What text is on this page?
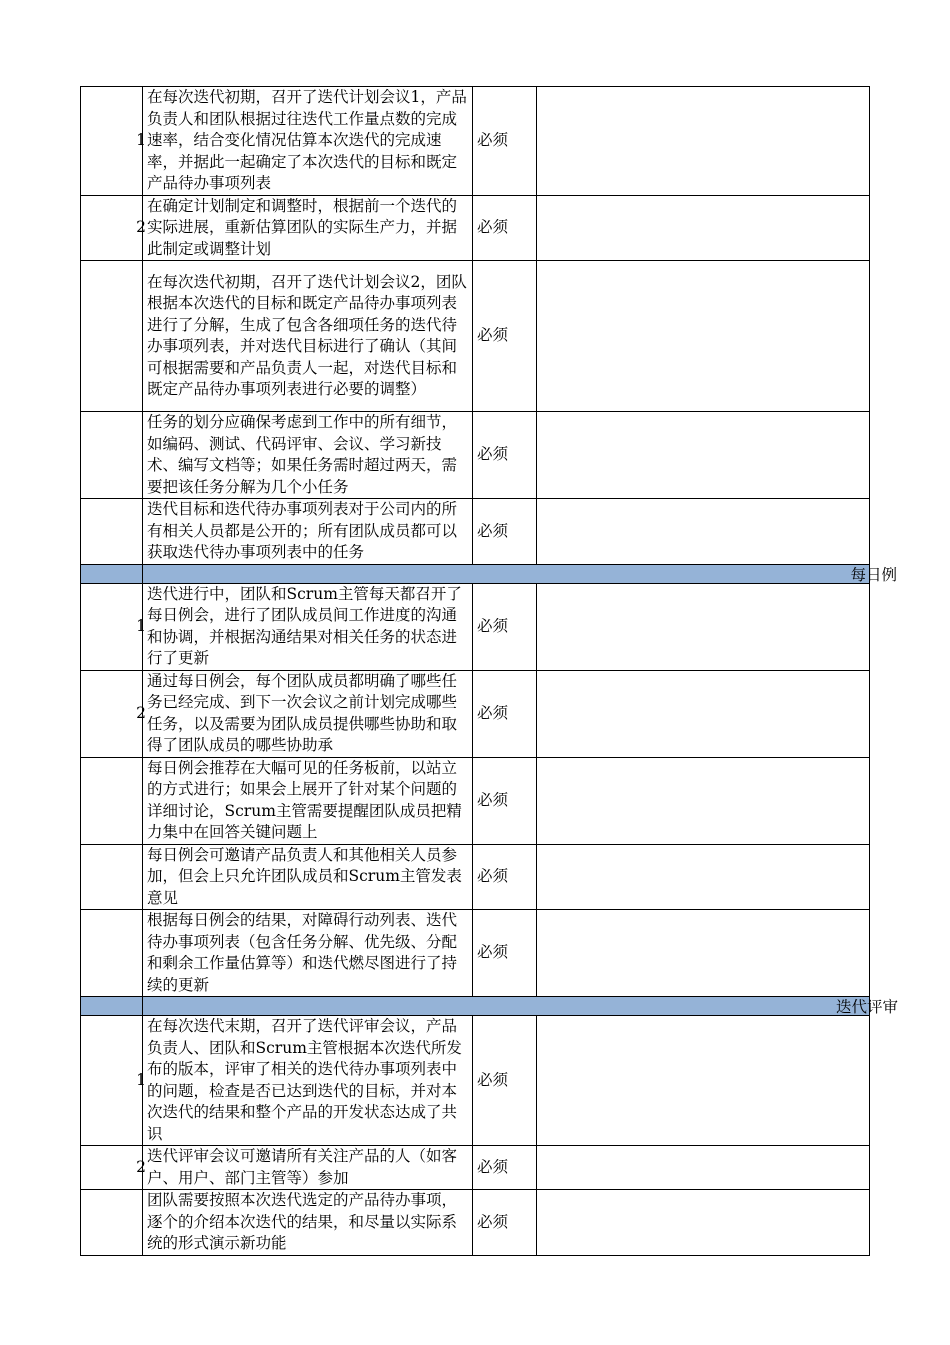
1	在每次迭代初期，召开了迭代计划会议1，产品负责人和团队根据过往迭代工作量点数的完成速率，结合变化情况估算本次迭代的完成速率，并据此一起确定了本次迭代的目标和既定产品待办事项列表	必须	
2	在确定计划制定和调整时，根据前一个迭代的实际进展，重新估算团队的实际生产力，并据此制定或调整计划	必须	
	在每次迭代初期，召开了迭代计划会议2，团队根据本次迭代的目标和既定产品待办事项列表进行了分解，生成了包含各细项任务的迭代待办事项列表，并对迭代目标进行了确认（其间可根据需要和产品负责人一起，对迭代目标和既定产品待办事项列表进行必要的调整）	必须	
	任务的划分应确保考虑到工作中的所有细节，如编码、测试、代码评审、会议、学习新技术、编写文档等；如果任务需时超过两天，需要把该任务分解为几个小任务	必须	
	迭代目标和迭代待办事项列表对于公司内的所有相关人员都是公开的；所有团队成员都可以获取迭代待办事项列表中的任务	必须	

	每日例		

1	迭代进行中，团队和Scrum主管每天都召开了每日例会，进行了团队成员间工作进度的沟通和协调，并根据沟通结果对相关任务的状态进行了更新	必须	
2	通过每日例会，每个团队成员都明确了哪些任务已经完成、到下一次会议之前计划完成哪些任务，以及需要为团队成员提供哪些协助和取得了团队成员的哪些协助承	必须	
	每日例会推荐在大幅可见的任务板前，以站立的方式进行；如果会上展开了针对某个问题的详细讨论，Scrum主管需要提醒团队成员把精力集中在回答关键问题上	必须	
	每日例会可邀请产品负责人和其他相关人员参加，但会上只允许团队成员和Scrum主管发表意见	必须	
	根据每日例会的结果，对障碍行动列表、迭代待办事项列表（包含任务分解、优先级、分配和剩余工作量估算等）和迭代燃尽图进行了持续的更新	必须	

	迭代评审		

1	在每次迭代末期，召开了迭代评审会议，产品负责人、团队和Scrum主管根据本次迭代所发布的版本，评审了相关的迭代待办事项列表中的问题，检查是否已达到迭代的目标，并对本次迭代的结果和整个产品的开发状态达成了共识	必须	
2	迭代评审会议可邀请所有关注产品的人（如客户、用户、部门主管等）参加	必须	
	团队需要按照本次迭代选定的产品待办事项，逐个的介绍本次迭代的结果，和尽量以实际系统的形式演示新功能	必须	
